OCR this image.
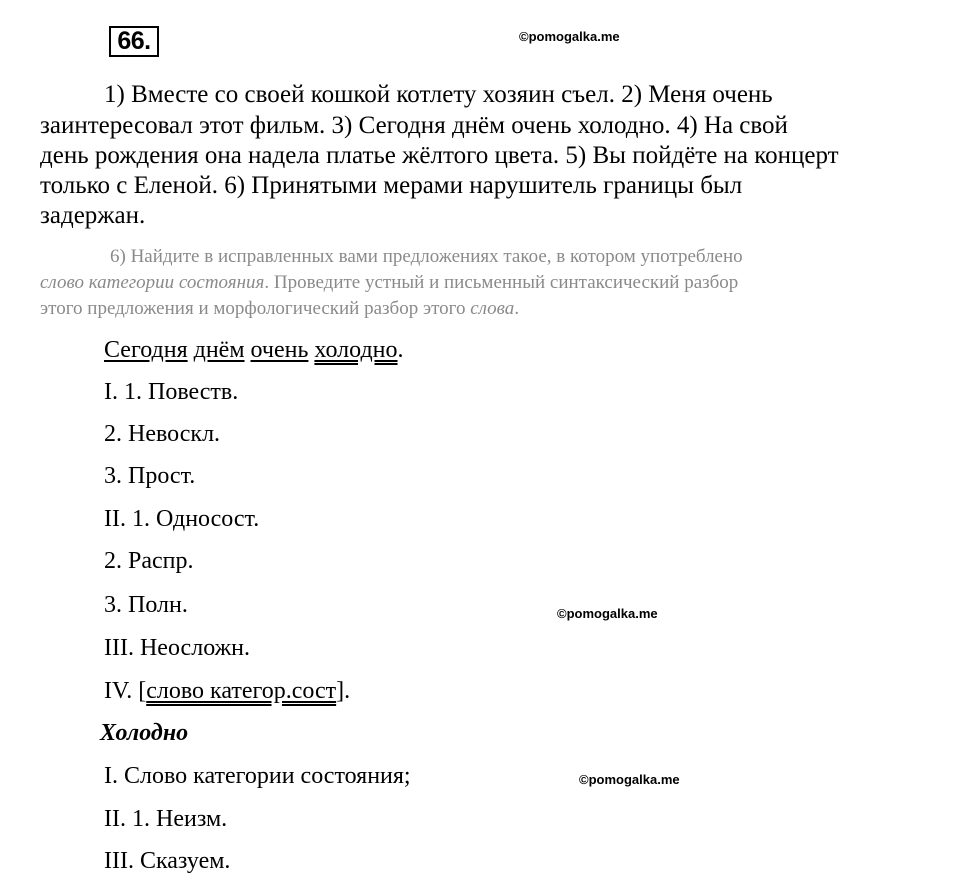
66.	©pomogalka.me
1) Вместе со своей кошкой котлету хозяин съел. 2) Меня очень
заинтересовал этот фильм. 3) Сегодня днём очень холодно. 4) На свой
день рождения она надела платье жёлтого цвета. 5) Вы пойдёте на концерт
только с Еленой. 6) Принятыми мерами нарушитель границы был
задержан.
6) Найдите в исправленных вами предложениях такое, в котором употреблено
слово категории состояния. Проведите устный и письменный синтаксический разбор
этого предложения и морфологический разбор этого слова.
Сегодня днём очень холодно.
I. 1. Повеств.
2. Невоскл.
3. Прост.
II. 1. Односост.
2. Распр.
3. Полн.	©pomogalka.me
III. Неосложн.
IV. [слово категор.сост].
Холодно
I. Слово категории состояния;	©pomogalka.me
II. 1. Неизм.
III. Сказуем.
